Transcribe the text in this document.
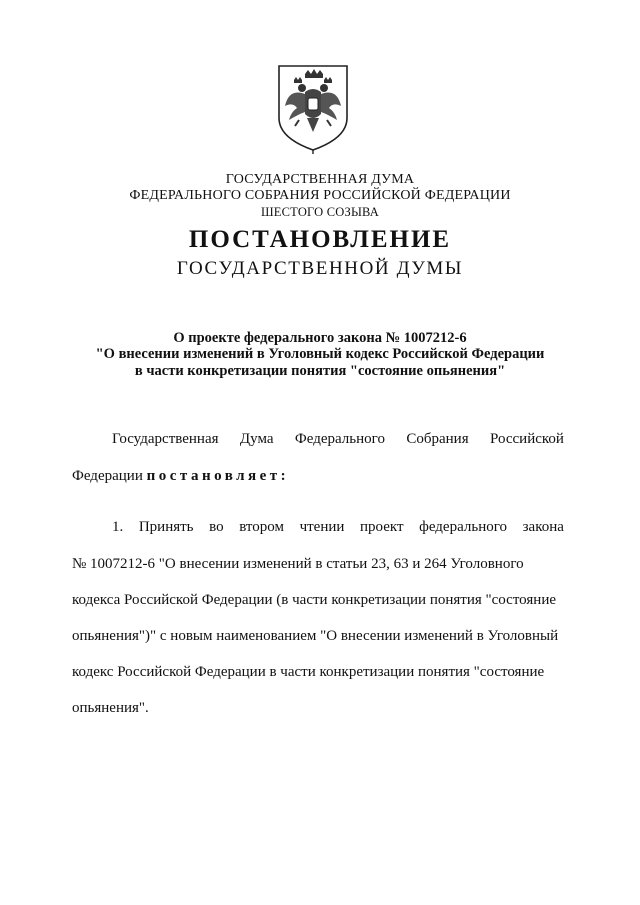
ГОСУДАРСТВЕННАЯ ДУМА
ФЕДЕРАЛЬНОГО СОБРАНИЯ РОССИЙСКОЙ ФЕДЕРАЦИИ
ШЕСТОГО СОЗЫВА
ПОСТАНОВЛЕНИЕ
ГОСУДАРСТВЕННОЙ ДУМЫ
О проекте федерального закона № 1007212-6
"О внесении изменений в Уголовный кодекс Российской Федерации
в части конкретизации понятия "состояние опьянения"
Государственная Дума Федерального Собрания Российской
Федерации постановляет:
1. Принять во втором чтении проект федерального закона
№ 1007212-6 "О внесении изменений в статьи 23, 63 и 264 Уголовного
кодекса Российской Федерации (в части конкретизации понятия "состояние
опьянения")" с новым наименованием "О внесении изменений в Уголовный
кодекс Российской Федерации в части конкретизации понятия "состояние
опьянения".
